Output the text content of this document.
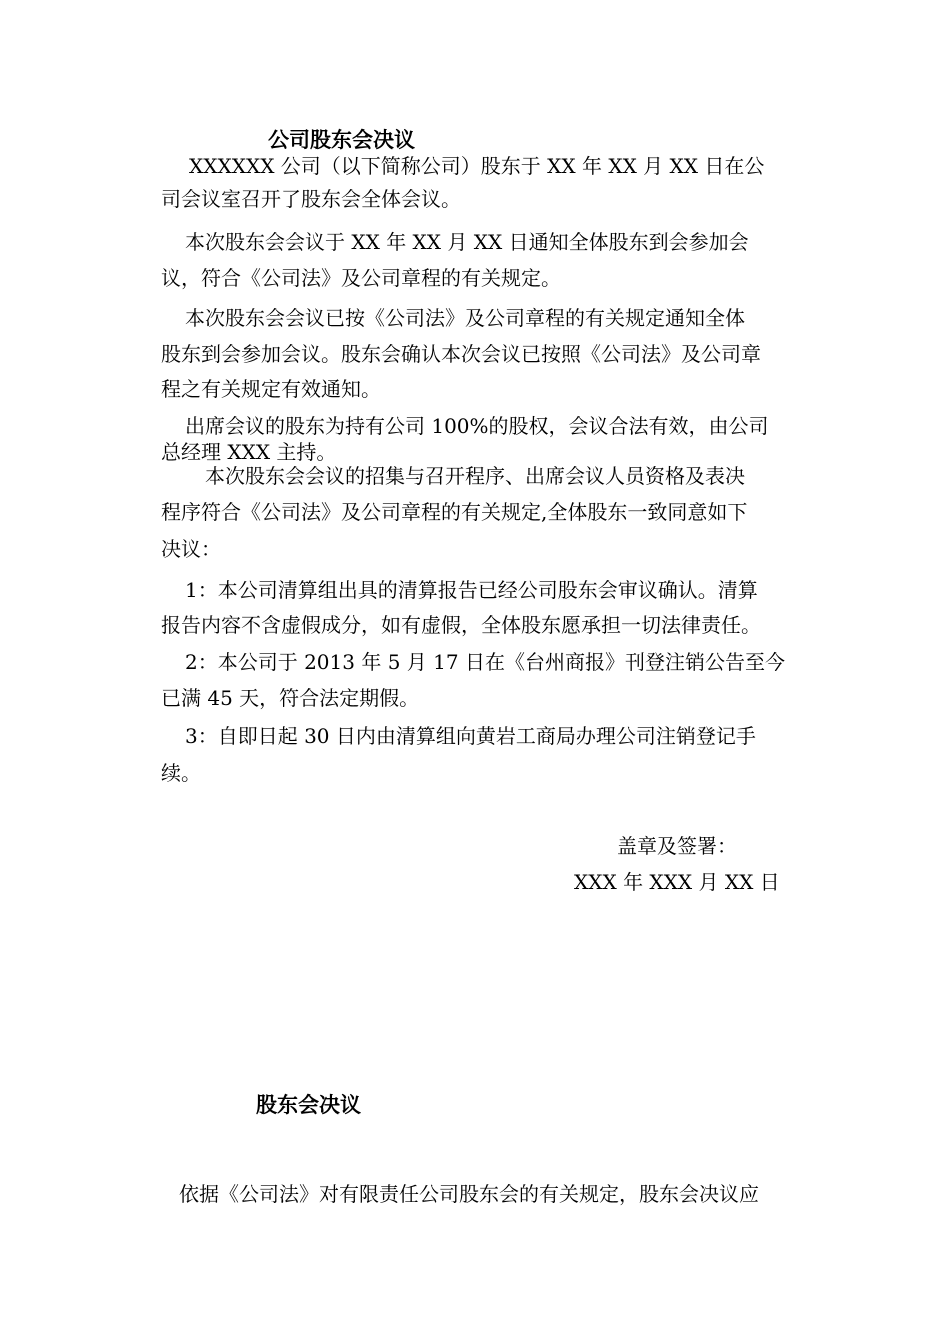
公司股东会决议
XXXXXX 公司（以下简称公司）股东于 XX 年 XX 月 XX 日在公
司会议室召开了股东会全体会议。
本次股东会会议于 XX 年 XX 月 XX 日通知全体股东到会参加会
议，符合《公司法》及公司章程的有关规定。
本次股东会会议已按《公司法》及公司章程的有关规定通知全体
股东到会参加会议。股东会确认本次会议已按照《公司法》及公司章
程之有关规定有效通知。
出席会议的股东为持有公司 100%的股权，会议合法有效，由公司
总经理 XXX 主持。
本次股东会会议的招集与召开程序、出席会议人员资格及表决
程序符合《公司法》及公司章程的有关规定,全体股东一致同意如下
决议：
1：本公司清算组出具的清算报告已经公司股东会审议确认。清算
报告内容不含虚假成分，如有虚假，全体股东愿承担一切法律责任。
2：本公司于 2013 年 5 月 17 日在《台州商报》刊登注销公告至今
已满 45 天，符合法定期假。
3：自即日起 30 日内由清算组向黄岩工商局办理公司注销登记手
续。
盖章及签署：
XXX 年 XXX 月 XX 日
股东会决议
依据《公司法》对有限责任公司股东会的有关规定，股东会决议应
